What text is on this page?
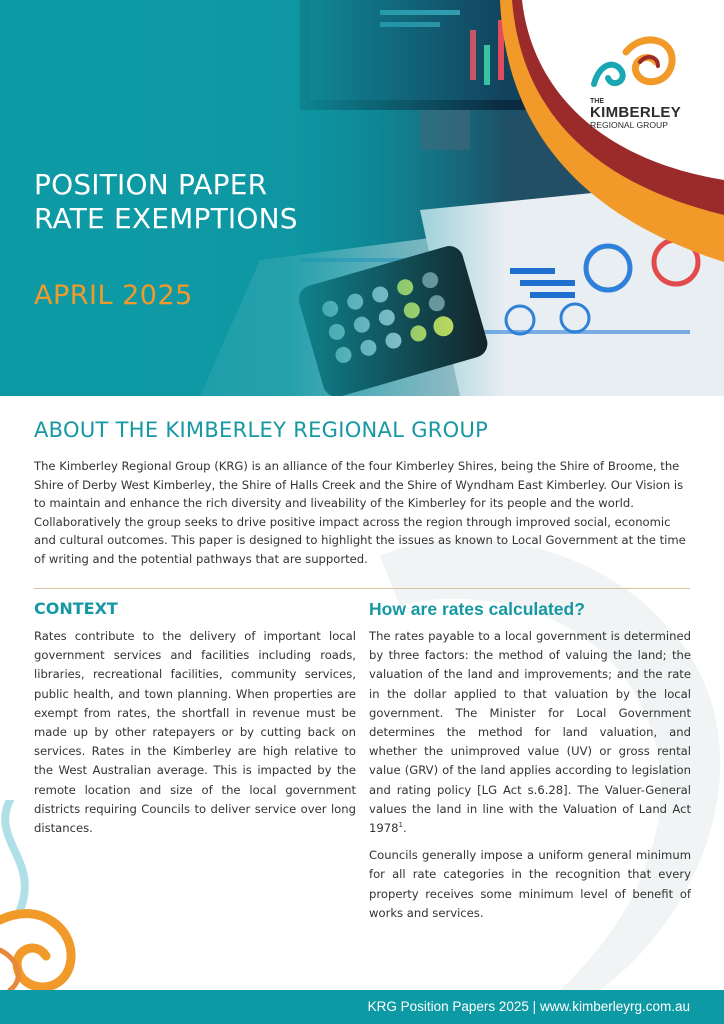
POSITION PAPER
RATE EXEMPTIONS

APRIL 2025

THE
KIMBERLEY
REGIONAL GROUP
ABOUT THE KIMBERLEY REGIONAL GROUP

The Kimberley Regional Group (KRG) is an alliance of the four Kimberley Shires, being the Shire of Broome, the Shire of Derby West Kimberley, the Shire of Halls Creek and the Shire of Wyndham East Kimberley. Our Vision is to maintain and enhance the rich diversity and liveability of the Kimberley for its people and the world. Collaboratively the group seeks to drive positive impact across the region through improved social, economic and cultural outcomes. This paper is designed to highlight the issues as known to Local Government at the time of writing and the potential pathways that are supported.

CONTEXT

Rates contribute to the delivery of important local government services and facilities including roads, libraries, recreational facilities, community services, public health, and town planning. When properties are exempt from rates, the shortfall in revenue must be made up by other ratepayers or by cutting back on services. Rates in the Kimberley are high relative to the West Australian average. This is impacted by the remote location and size of the local government districts requiring Councils to deliver service over long distances.

How are rates calculated?

The rates payable to a local government is determined by three factors: the method of valuing the land; the valuation of the land and improvements; and the rate in the dollar applied to that valuation by the local government. The Minister for Local Government determines the method for land valuation, and whether the unimproved value (UV) or gross rental value (GRV) of the land applies according to legislation and rating policy [LG Act s.6.28]. The Valuer-General values the land in line with the Valuation of Land Act 1978$^1$.

Councils generally impose a uniform general minimum for all rate categories in the recognition that every property receives some minimum level of benefit of works and services.

KRG Position Papers 2025 | www.kimberleyrg.com.au
